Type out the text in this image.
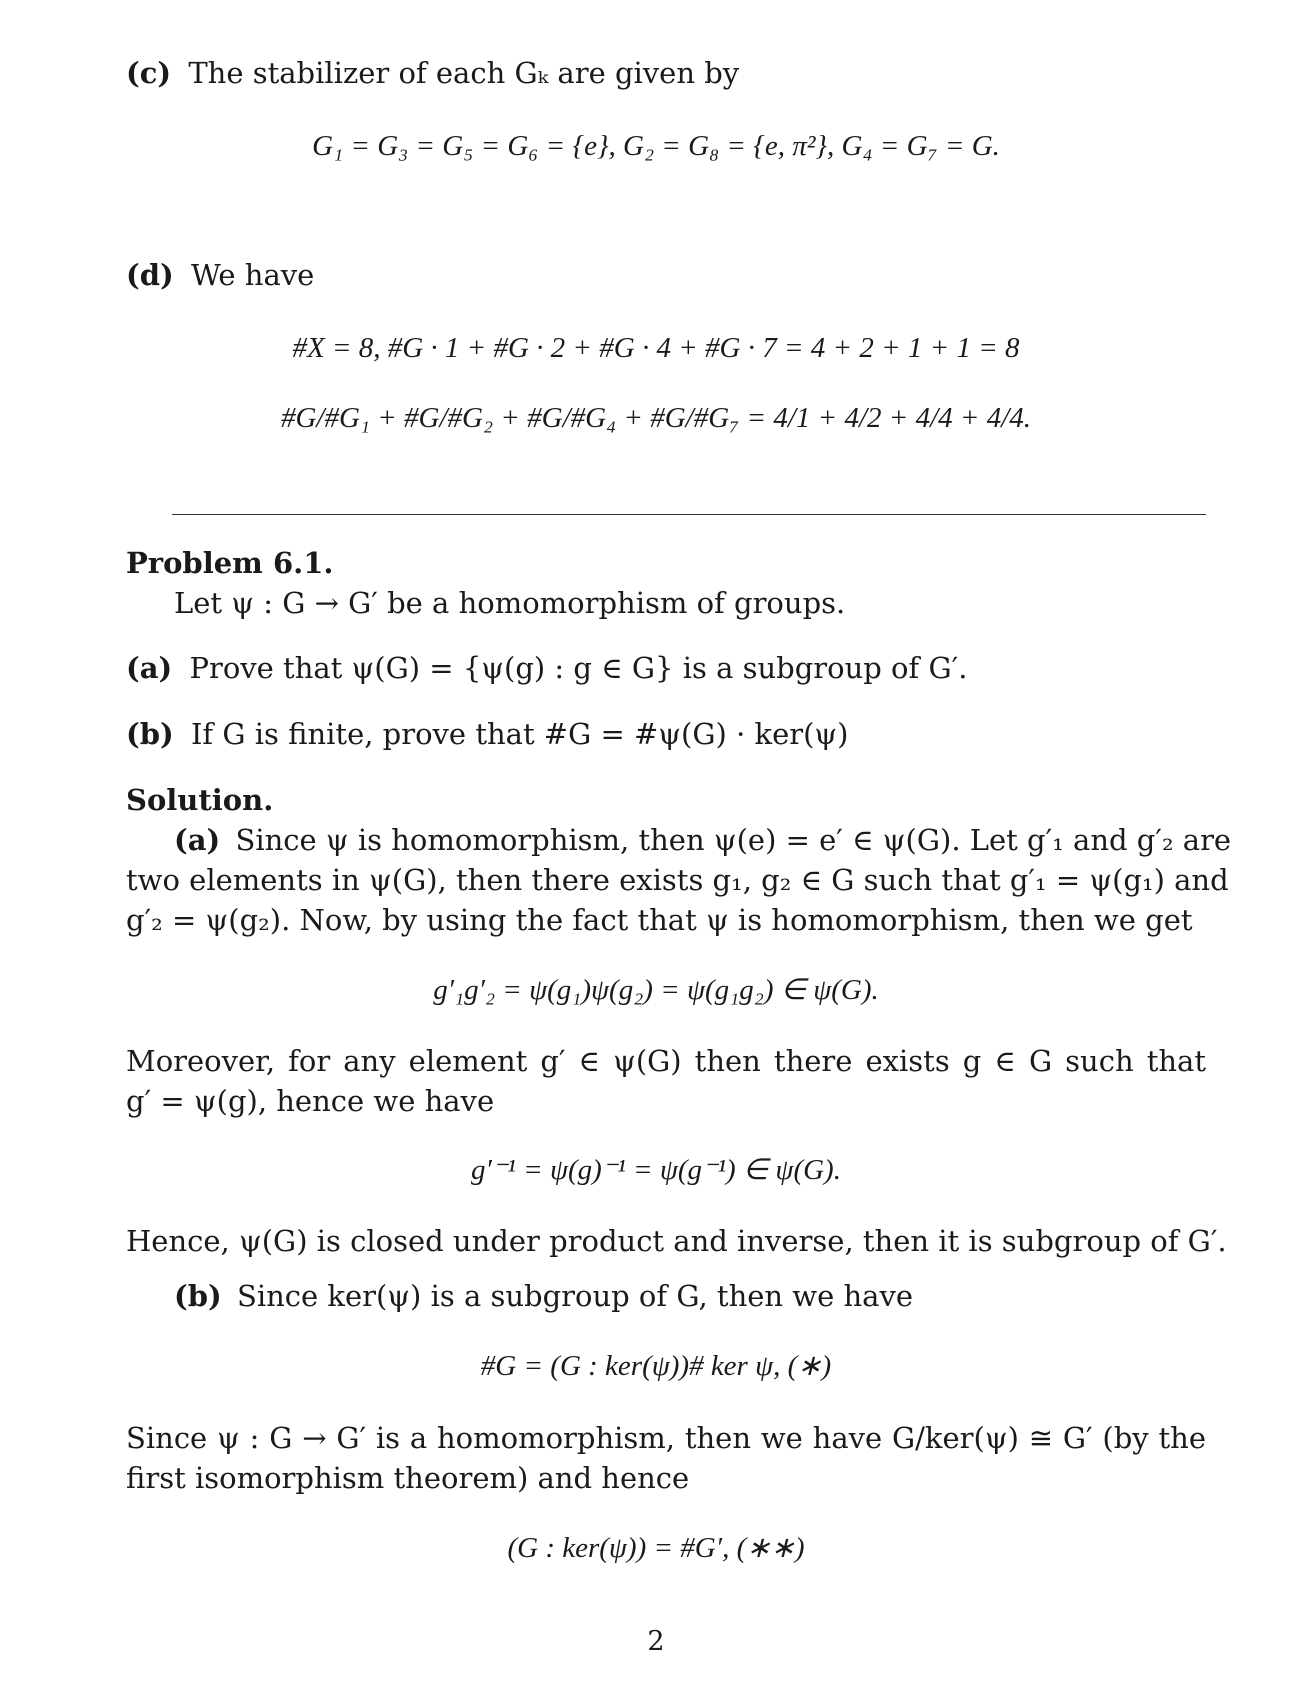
(c) The stabilizer of each Gₖ are given by
G₁ = G₃ = G₅ = G₆ = {e}, G₂ = G₈ = {e, π²}, G₄ = G₇ = G.
(d) We have
#X = 8, #G · 1 + #G · 2 + #G · 4 + #G · 7 = 4 + 2 + 1 + 1 = 8
#G/#G₁ + #G/#G₂ + #G/#G₄ + #G/#G₇ = 4/1 + 4/2 + 4/4 + 4/4.
Problem 6.1.
Let ψ : G → G′ be a homomorphism of groups.
(a) Prove that ψ(G) = {ψ(g) : g ∈ G} is a subgroup of G′.
(b) If G is finite, prove that #G = #ψ(G) · ker(ψ)
Solution.
(a) Since ψ is homomorphism, then ψ(e) = e′ ∈ ψ(G). Let g′₁ and g′₂ are
two elements in ψ(G), then there exists g₁, g₂ ∈ G such that g′₁ = ψ(g₁) and
g′₂ = ψ(g₂). Now, by using the fact that ψ is homomorphism, then we get
g′₁g′₂ = ψ(g₁)ψ(g₂) = ψ(g₁g₂) ∈ ψ(G).
Moreover, for any element g′ ∈ ψ(G) then there exists g ∈ G such that
g′ = ψ(g), hence we have
g′⁻¹ = ψ(g)⁻¹ = ψ(g⁻¹) ∈ ψ(G).
Hence, ψ(G) is closed under product and inverse, then it is subgroup of G′.
(b) Since ker(ψ) is a subgroup of G, then we have
#G = (G : ker(ψ))# ker ψ, (∗)
Since ψ : G → G′ is a homomorphism, then we have G/ker(ψ) ≅ G′ (by the
first isomorphism theorem) and hence
(G : ker(ψ)) = #G′, (∗∗)
2
